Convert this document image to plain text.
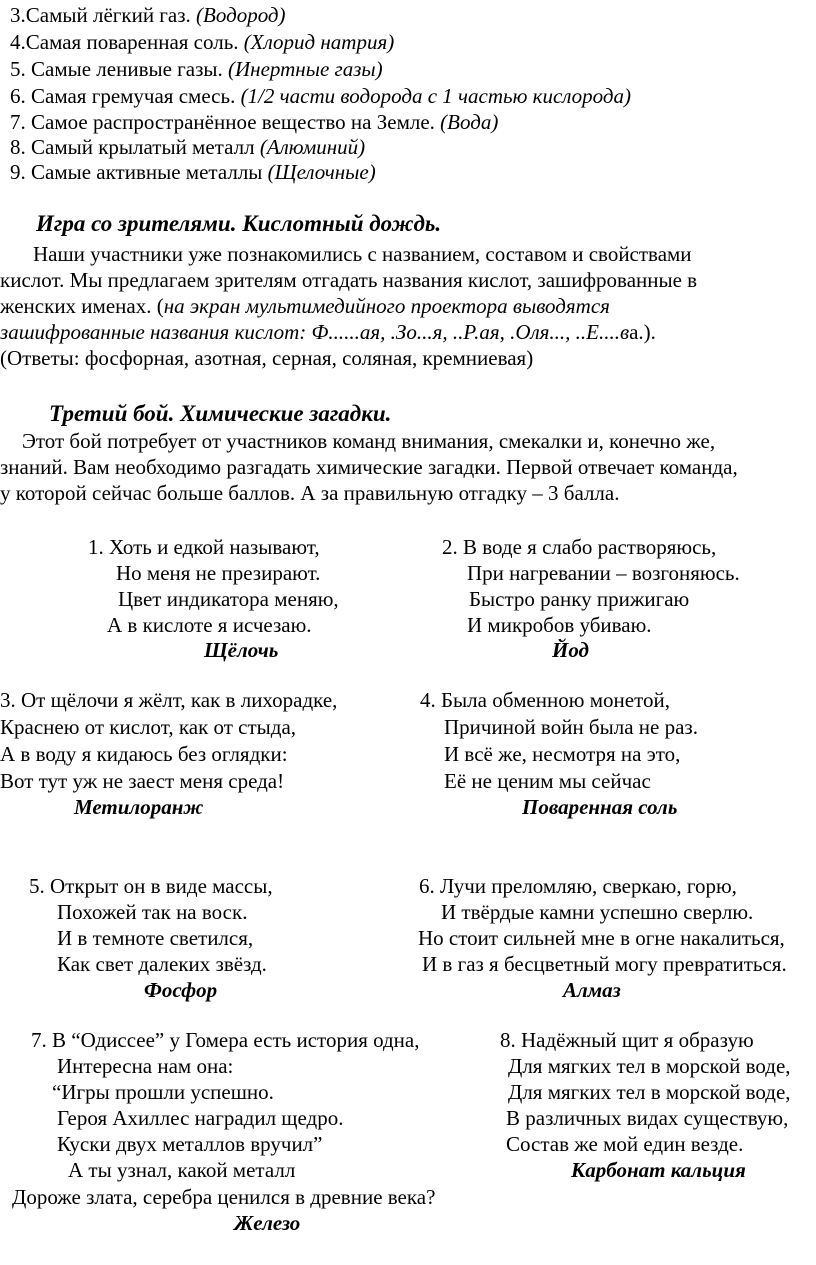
3.Самый лёгкий газ. (Водород)
4.Самая поваренная соль. (Хлорид натрия)
5. Самые ленивые газы. (Инертные газы)
6. Самая гремучая смесь. (1/2 части водорода с 1 частью кислорода)
7. Самое распространённое вещество на Земле. (Вода)
8. Самый крылатый металл (Алюминий)
9. Самые активные металлы (Щелочные)
Игра со зрителями. Кислотный дождь.
Наши участники уже познакомились с названием, составом и свойствами
кислот. Мы предлагаем зрителям отгадать названия кислот, зашифрованные в
женских именах. (на экран мультимедийного проектора выводятся
зашифрованные названия кислот: Ф......ая, .Зо...я, ..Р.ая, .Оля..., ..Е....ва.).
(Ответы: фосфорная, азотная, серная, соляная, кремниевая)
Третий бой. Химические загадки.
Этот бой потребует от участников команд внимания, смекалки и, конечно же,
знаний. Вам необходимо разгадать химические загадки. Первой отвечает команда,
у которой сейчас больше баллов. А за правильную отгадку – 3 балла.
1. Хоть и едкой называют,
Но меня не презирают.
Цвет индикатора меняю,
А в кислоте я исчезаю.
Щёлочь
2. В воде я слабо растворяюсь,
При нагревании – возгоняюсь.
Быстро ранку прижигаю
И микробов убиваю.
Йод
3. От щёлочи я жёлт, как в лихорадке,
Краснею от кислот, как от стыда,
А в воду я кидаюсь без оглядки:
Вот тут уж не заест меня среда!
Метилоранж
4. Была обменною монетой,
Причиной войн была не раз.
И всё же, несмотря на это,
Её не ценим мы сейчас
Поваренная соль
5. Открыт он в виде массы,
Похожей так на воск.
И в темноте светился,
Как свет далеких звёзд.
Фосфор
6. Лучи преломляю, сверкаю, горю,
И твёрдые камни успешно сверлю.
Но стоит сильней мне в огне накалиться,
И в газ я бесцветный могу превратиться.
Алмаз
7. В “Одиссее” у Гомера есть история одна,
Интересна нам она:
“Игры прошли успешно.
Героя Ахиллес наградил щедро.
Куски двух металлов вручил”
А ты узнал, какой металл
Дороже злата, серебра ценился в древние века?
Железо
8. Надёжный щит я образую
Для мягких тел в морской воде,
Для мягких тел в морской воде,
В различных видах существую,
Состав же мой един везде.
Карбонат кальция
